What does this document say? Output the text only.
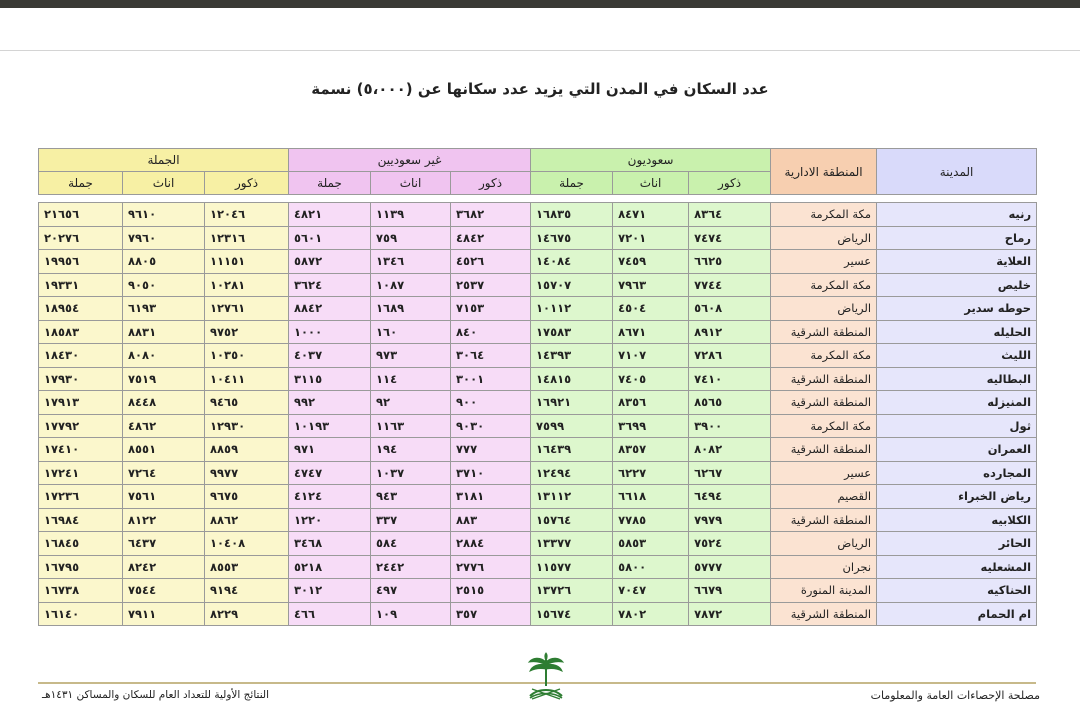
عدد السكان في المدن التي يزيد عدد سكانها عن (٥،٠٠٠) نسمة
المدينة	المنطقة الادارية	سعوديون			غير سعوديين			الجملة		
		ذكور	اناث	جملة	ذكور	اناث	جملة	ذكور	اناث	جملة

رنيه	مكة المكرمة	٨٣٦٤	٨٤٧١	١٦٨٣٥	٣٦٨٢	١١٣٩	٤٨٢١	١٢٠٤٦	٩٦١٠	٢١٦٥٦
رماح	الرياض	٧٤٧٤	٧٢٠١	١٤٦٧٥	٤٨٤٢	٧٥٩	٥٦٠١	١٢٣١٦	٧٩٦٠	٢٠٢٧٦
العلاية	عسير	٦٦٢٥	٧٤٥٩	١٤٠٨٤	٤٥٢٦	١٣٤٦	٥٨٧٢	١١١٥١	٨٨٠٥	١٩٩٥٦
خليص	مكة المكرمة	٧٧٤٤	٧٩٦٣	١٥٧٠٧	٢٥٣٧	١٠٨٧	٣٦٢٤	١٠٢٨١	٩٠٥٠	١٩٣٣١
حوطه سدير	الرياض	٥٦٠٨	٤٥٠٤	١٠١١٢	٧١٥٣	١٦٨٩	٨٨٤٢	١٢٧٦١	٦١٩٣	١٨٩٥٤
الحليله	المنطقة الشرقية	٨٩١٢	٨٦٧١	١٧٥٨٣	٨٤٠	١٦٠	١٠٠٠	٩٧٥٢	٨٨٣١	١٨٥٨٣
الليث	مكة المكرمة	٧٢٨٦	٧١٠٧	١٤٣٩٣	٣٠٦٤	٩٧٣	٤٠٣٧	١٠٣٥٠	٨٠٨٠	١٨٤٣٠
البطاليه	المنطقة الشرقية	٧٤١٠	٧٤٠٥	١٤٨١٥	٣٠٠١	١١٤	٣١١٥	١٠٤١١	٧٥١٩	١٧٩٣٠
المنيزله	المنطقة الشرقية	٨٥٦٥	٨٣٥٦	١٦٩٢١	٩٠٠	٩٢	٩٩٢	٩٤٦٥	٨٤٤٨	١٧٩١٣
ثول	مكة المكرمة	٣٩٠٠	٣٦٩٩	٧٥٩٩	٩٠٣٠	١١٦٣	١٠١٩٣	١٢٩٣٠	٤٨٦٢	١٧٧٩٢
العمران	المنطقة الشرقية	٨٠٨٢	٨٣٥٧	١٦٤٣٩	٧٧٧	١٩٤	٩٧١	٨٨٥٩	٨٥٥١	١٧٤١٠
المجارده	عسير	٦٢٦٧	٦٢٢٧	١٢٤٩٤	٣٧١٠	١٠٣٧	٤٧٤٧	٩٩٧٧	٧٢٦٤	١٧٢٤١
رياض الخبراء	القصيم	٦٤٩٤	٦٦١٨	١٣١١٢	٣١٨١	٩٤٣	٤١٢٤	٩٦٧٥	٧٥٦١	١٧٢٣٦
الكلابيه	المنطقة الشرقية	٧٩٧٩	٧٧٨٥	١٥٧٦٤	٨٨٣	٣٣٧	١٢٢٠	٨٨٦٢	٨١٢٢	١٦٩٨٤
الحائر	الرياض	٧٥٢٤	٥٨٥٣	١٣٣٧٧	٢٨٨٤	٥٨٤	٣٤٦٨	١٠٤٠٨	٦٤٣٧	١٦٨٤٥
المشعليه	نجران	٥٧٧٧	٥٨٠٠	١١٥٧٧	٢٧٧٦	٢٤٤٢	٥٢١٨	٨٥٥٣	٨٢٤٢	١٦٧٩٥
الحناكيه	المدينة المنورة	٦٦٧٩	٧٠٤٧	١٣٧٢٦	٢٥١٥	٤٩٧	٣٠١٢	٩١٩٤	٧٥٤٤	١٦٧٣٨
ام الحمام	المنطقة الشرقية	٧٨٧٢	٧٨٠٢	١٥٦٧٤	٣٥٧	١٠٩	٤٦٦	٨٢٢٩	٧٩١١	١٦١٤٠
مصلحة الإحصاءات العامة والمعلومات
النتائج الأولية للتعداد العام للسكان والمساكن ١٤٣١هـ
